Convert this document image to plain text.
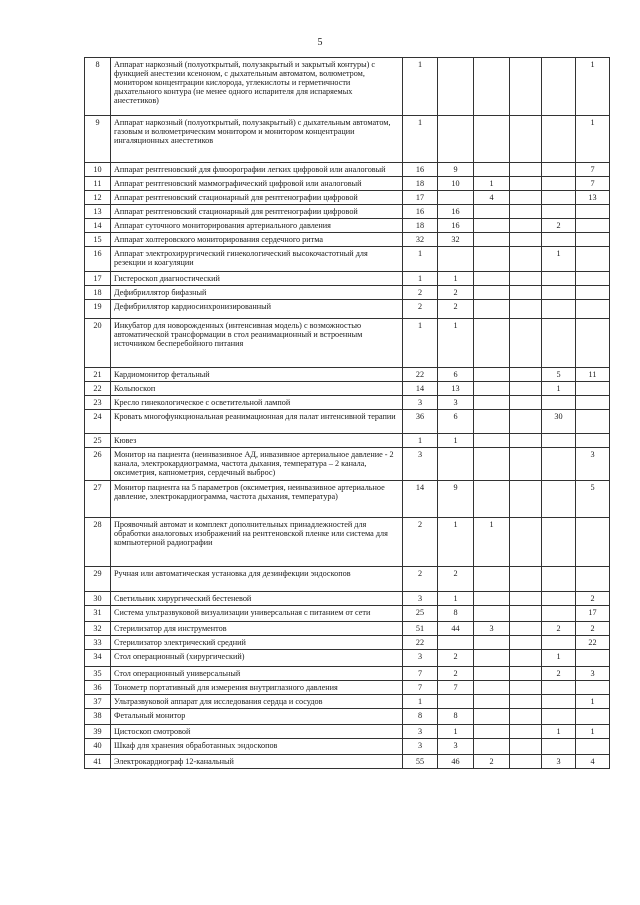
5
8	Аппарат наркозный (полуоткрытый, полузакрытый и закрытый контуры) с функцией анестезии ксеноном, с дыхательным автоматом, волюметром, монитором концентрации кислорода, углекислоты и герметичности дыхательного контура (не менее одного испарителя для испаряемых анестетиков)	1					1
9	Аппарат наркозный (полуоткрытый, полузакрытый) с дыхательным автоматом, газовым и волюметрическим монитором и монитором концентрации ингаляционных анестетиков	1					1
10	Аппарат рентгеновский для флюорографии легких цифровой или аналоговый	16	9				7
11	Аппарат рентгеновский маммографический цифровой или аналоговый	18	10	1			7
12	Аппарат рентгеновский стационарный для рентгенографии цифровой	17		4			13
13	Аппарат рентгеновский стационарный для рентгенографии цифровой	16	16				
14	Аппарат суточного мониторирования артериального давления	18	16			2	
15	Аппарат холтеровского мониторирования сердечного ритма	32	32				
16	Аппарат электрохирургический гинекологический высокочастотный для резекции и коагуляции	1				1	
17	Гистероскоп диагностический	1	1				
18	Дефибриллятор бифазный	2	2				
19	Дефибриллятор кардиосинхронизированный	2	2				
20	Инкубатор для новорожденных (интенсивная модель) с возможностью автоматической трансформации в стол реанимационный и встроенным источником бесперебойного питания	1	1				
21	Кардиомонитор фетальный	22	6			5	11
22	Кольпоскоп	14	13			1	
23	Кресло гинекологическое с осветительной лампой	3	3				
24	Кровать многофункциональная реанимационная для палат интенсивной терапии	36	6			30	
25	Кювез	1	1				
26	Монитор на пациента (неинвазивное АД, инвазивное артериальное давление - 2 канала, электрокардиограмма, частота дыхания, температура – 2 канала, оксиметрия, капнометрия, сердечный выброс)	3					3
27	Монитор пациента на 5 параметров (оксиметрия, неинвазивное артериальное давление, электрокардиограмма, частота дыхания, температура)	14	9				5
28	Проявочный автомат и комплект дополнительных принадлежностей для обработки аналоговых изображений на рентгеновской пленке или система для компьютерной радиографии	2	1	1			
29	Ручная или автоматическая установка для дезинфекции эндоскопов	2	2				
30	Светильник хирургический бестеневой	3	1				2
31	Система ультразвуковой визуализации универсальная с питанием от сети	25	8				17
32	Стерилизатор для инструментов	51	44	3		2	2
33	Стерилизатор электрический средний	22					22
34	Стол операционный (хирургический)	3	2			1	
35	Стол операционный универсальный	7	2			2	3
36	Тонометр портативный для измерения внутриглазного давления	7	7				
37	Ультразвуковой аппарат для исследования сердца и сосудов	1					1
38	Фетальный монитор	8	8				
39	Цистоскоп смотровой	3	1			1	1
40	Шкаф для хранения обработанных эндоскопов	3	3				
41	Электрокардиограф 12-канальный	55	46	2		3	4
